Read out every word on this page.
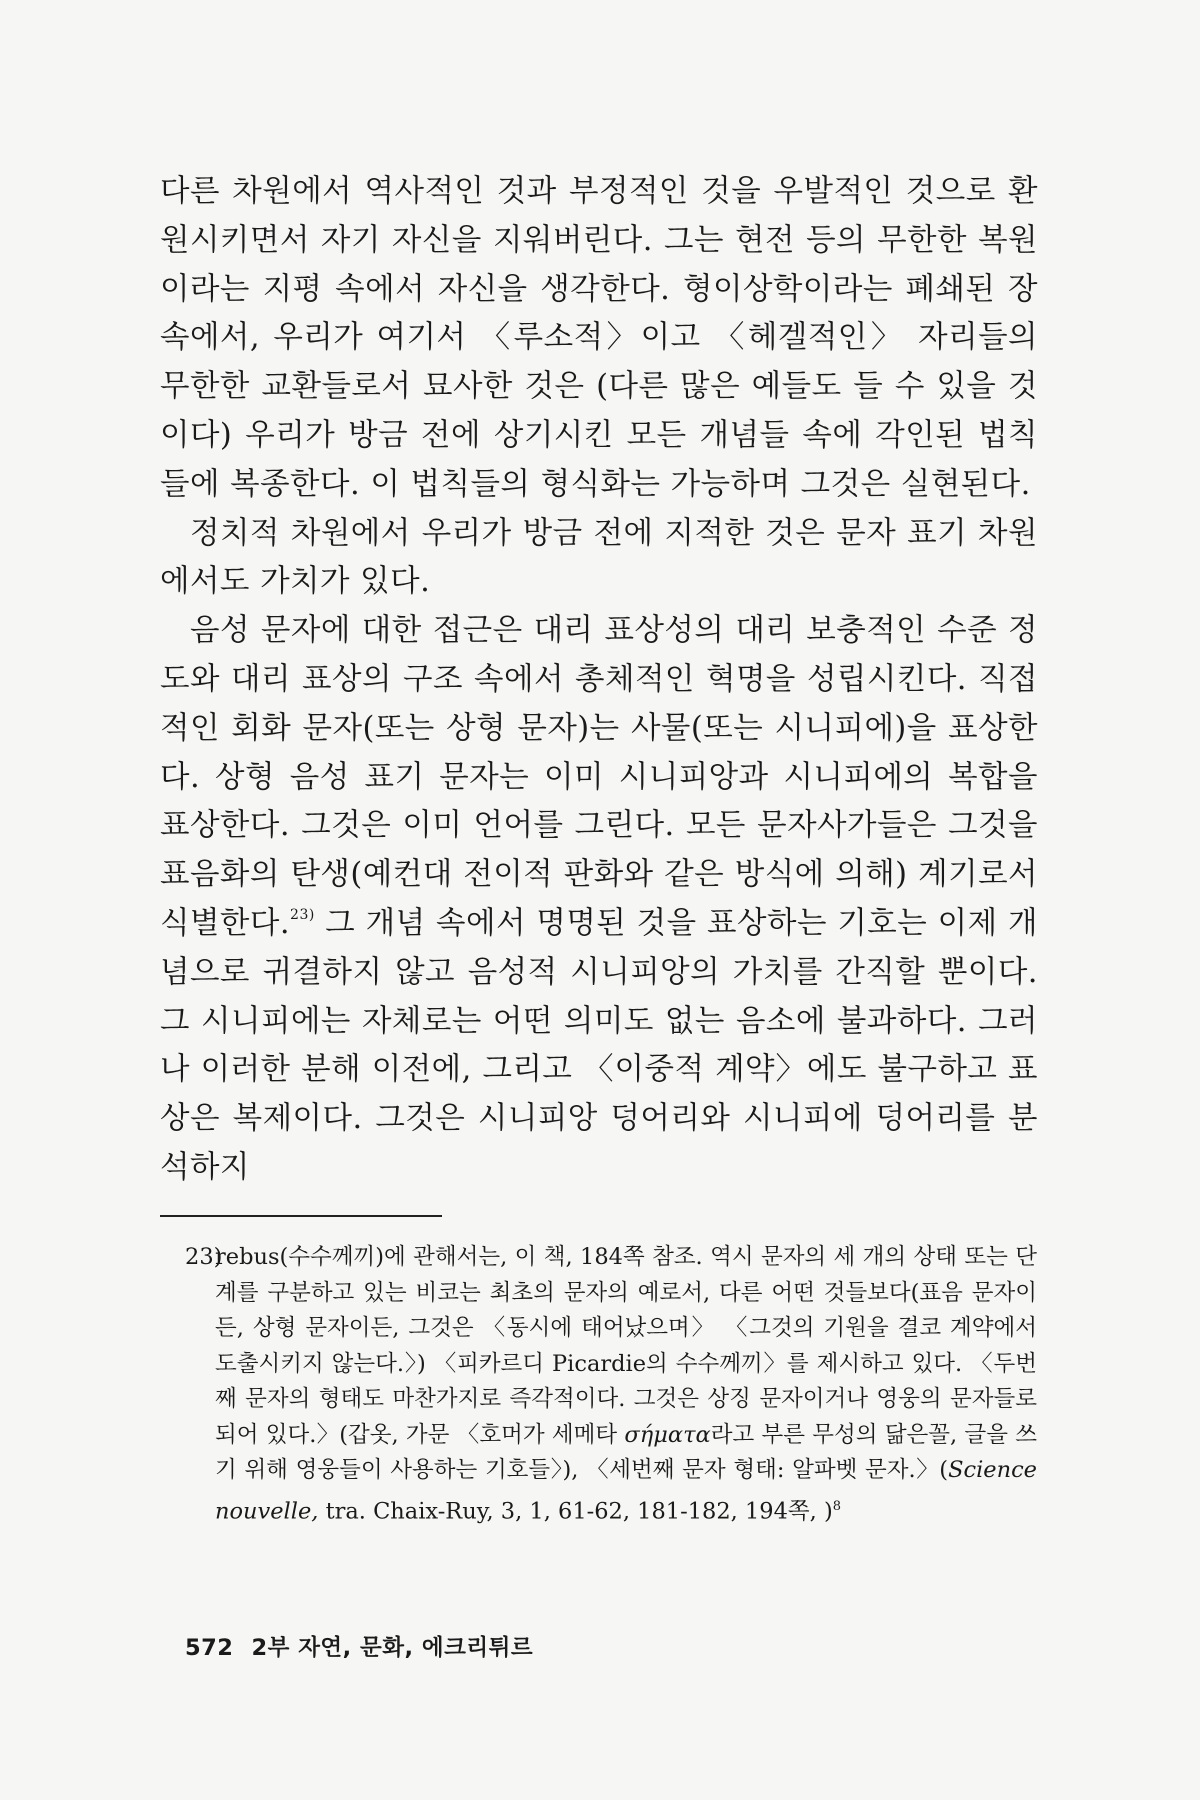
다른 차원에서 역사적인 것과 부정적인 것을 우발적인 것으로 환원시키면서 자기 자신을 지워버린다. 그는 현전 등의 무한한 복원이라는 지평 속에서 자신을 생각한다. 형이상학이라는 폐쇄된 장 속에서, 우리가 여기서 〈루소적〉이고 〈헤겔적인〉 자리들의 무한한 교환들로서 묘사한 것은 (다른 많은 예들도 들 수 있을 것이다) 우리가 방금 전에 상기시킨 모든 개념들 속에 각인된 법칙들에 복종한다. 이 법칙들의 형식화는 가능하며 그것은 실현된다.

정치적 차원에서 우리가 방금 전에 지적한 것은 문자 표기 차원에서도 가치가 있다.

음성 문자에 대한 접근은 대리 표상성의 대리 보충적인 수준 정도와 대리 표상의 구조 속에서 총체적인 혁명을 성립시킨다. 직접적인 회화 문자(또는 상형 문자)는 사물(또는 시니피에)을 표상한다. 상형 음성 표기 문자는 이미 시니피앙과 시니피에의 복합을 표상한다. 그것은 이미 언어를 그린다. 모든 문자사가들은 그것을 표음화의 탄생(예컨대 전이적 판화와 같은 방식에 의해) 계기로서 식별한다.$^{23)}$ 그 개념 속에서 명명된 것을 표상하는 기호는 이제 개념으로 귀결하지 않고 음성적 시니피앙의 가치를 간직할 뿐이다. 그 시니피에는 자체로는 어떤 의미도 없는 음소에 불과하다. 그러나 이러한 분해 이전에, 그리고 〈이중적 계약〉에도 불구하고 표상은 복제이다. 그것은 시니피앙 덩어리와 시니피에 덩어리를 분석하지

23)

rebus(수수께끼)에 관해서는, 이 책, 184쪽 참조. 역시 문자의 세 개의 상태 또는 단계를 구분하고 있는 비코는 최초의 문자의 예로서, 다른 어떤 것들보다(표음 문자이든, 상형 문자이든, 그것은 〈동시에 태어났으며〉 〈그것의 기원을 결코 계약에서 도출시키지 않는다.〉) 〈피카르디 Picardie의 수수께끼〉를 제시하고 있다. 〈두번째 문자의 형태도 마찬가지로 즉각적이다. 그것은 상징 문자이거나 영웅의 문자들로 되어 있다.〉(갑옷, 가문 〈호머가 세메타 σήματα라고 부른 무성의 닮은꼴, 글을 쓰기 위해 영웅들이 사용하는 기호들〉), 〈세번째 문자 형태: 알파벳 문자.〉(Science nouvelle, tra. Chaix-Ruy, 3, 1, 61-62, 181-182, 194쪽, )$^8$

572 2부 자연, 문화, 에크리튀르
